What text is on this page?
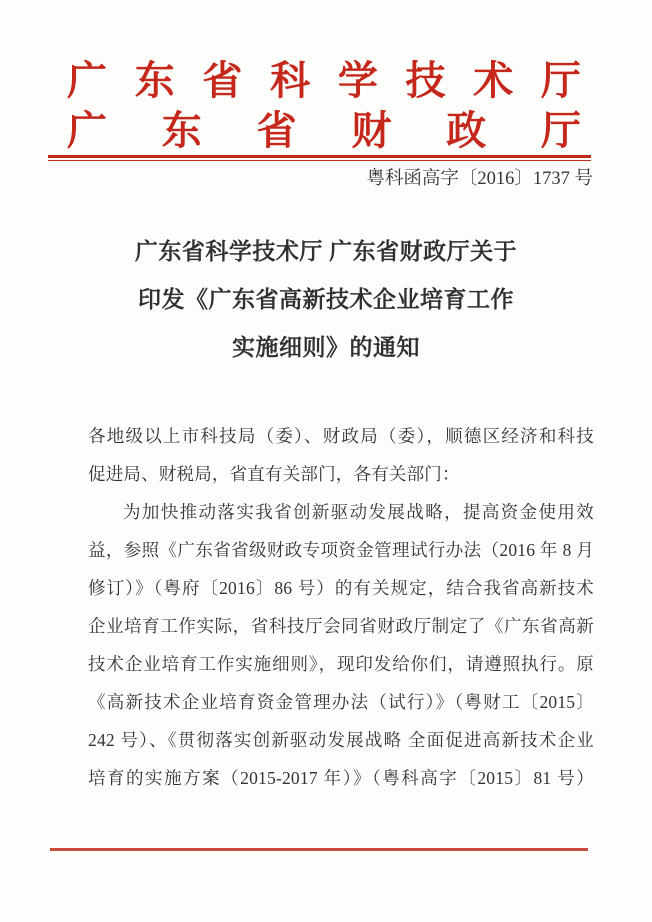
广 东 省 科 学 技 术 厅
广 东 省 财 政 厅
粤科函高字〔2016〕1737 号
广东省科学技术厅 广东省财政厅关于
印发《广东省高新技术企业培育工作
实施细则》的通知
各地级以上市科技局（委）、财政局（委），顺德区经济和科技
促进局、财税局，省直有关部门，各有关部门：
为加快推动落实我省创新驱动发展战略，提高资金使用效
益，参照《广东省省级财政专项资金管理试行办法（2016 年 8 月
修订）》（粤府〔2016〕86 号）的有关规定，结合我省高新技术
企业培育工作实际，省科技厅会同省财政厅制定了《广东省高新
技术企业培育工作实施细则》，现印发给你们，请遵照执行。原
《高新技术企业培育资金管理办法（试行）》（粤财工〔2015〕
242 号）、《贯彻落实创新驱动发展战略 全面促进高新技术企业
培育的实施方案（2015-2017 年）》（粤科高字〔2015〕81 号）
